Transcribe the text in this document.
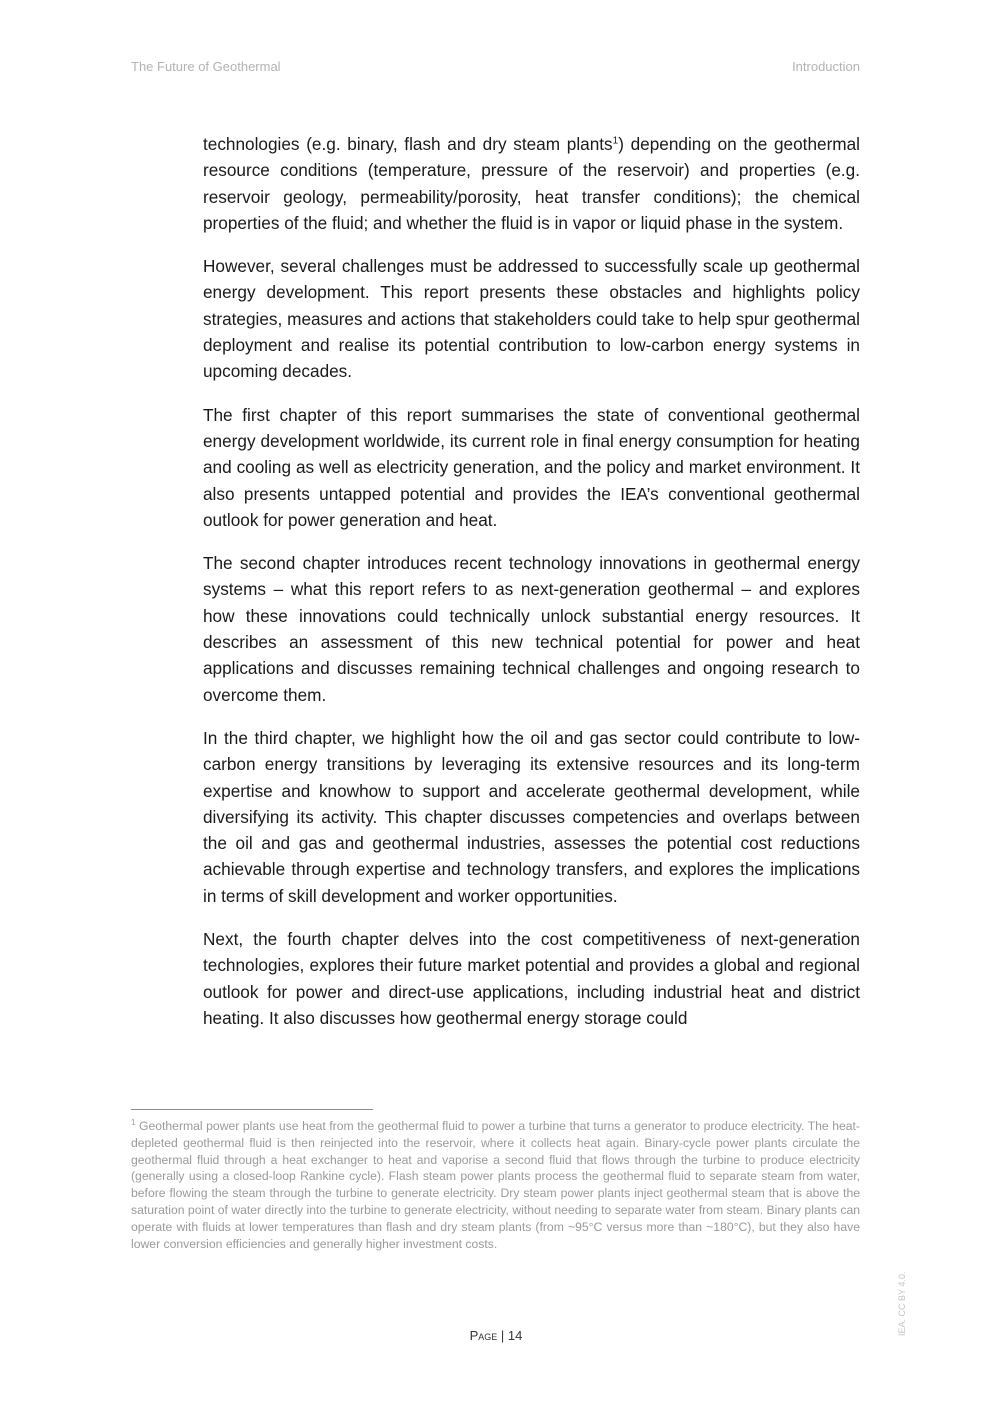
The Future of Geothermal	Introduction

technologies (e.g. binary, flash and dry steam plants$^1$) depending on the geothermal resource conditions (temperature, pressure of the reservoir) and properties (e.g. reservoir geology, permeability/porosity, heat transfer conditions); the chemical properties of the fluid; and whether the fluid is in vapor or liquid phase in the system.

However, several challenges must be addressed to successfully scale up geothermal energy development. This report presents these obstacles and highlights policy strategies, measures and actions that stakeholders could take to help spur geothermal deployment and realise its potential contribution to low-carbon energy systems in upcoming decades.

The first chapter of this report summarises the state of conventional geothermal energy development worldwide, its current role in final energy consumption for heating and cooling as well as electricity generation, and the policy and market environment. It also presents untapped potential and provides the IEA’s conventional geothermal outlook for power generation and heat.

The second chapter introduces recent technology innovations in geothermal energy systems – what this report refers to as next-generation geothermal – and explores how these innovations could technically unlock substantial energy resources. It describes an assessment of this new technical potential for power and heat applications and discusses remaining technical challenges and ongoing research to overcome them.

In the third chapter, we highlight how the oil and gas sector could contribute to low-carbon energy transitions by leveraging its extensive resources and its long-term expertise and knowhow to support and accelerate geothermal development, while diversifying its activity. This chapter discusses competencies and overlaps between the oil and gas and geothermal industries, assesses the potential cost reductions achievable through expertise and technology transfers, and explores the implications in terms of skill development and worker opportunities.

Next, the fourth chapter delves into the cost competitiveness of next-generation technologies, explores their future market potential and provides a global and regional outlook for power and direct-use applications, including industrial heat and district heating. It also discusses how geothermal energy storage could

$^1$ Geothermal power plants use heat from the geothermal fluid to power a turbine that turns a generator to produce electricity. The heat-depleted geothermal fluid is then reinjected into the reservoir, where it collects heat again. Binary-cycle power plants circulate the geothermal fluid through a heat exchanger to heat and vaporise a second fluid that flows through the turbine to produce electricity (generally using a closed-loop Rankine cycle). Flash steam power plants process the geothermal fluid to separate steam from water, before flowing the steam through the turbine to generate electricity. Dry steam power plants inject geothermal steam that is above the saturation point of water directly into the turbine to generate electricity, without needing to separate water from steam. Binary plants can operate with fluids at lower temperatures than flash and dry steam plants (from ~95°C versus more than ~180°C), but they also have lower conversion efficiencies and generally higher investment costs.

Page | 14	IEA. CC BY 4.0.
